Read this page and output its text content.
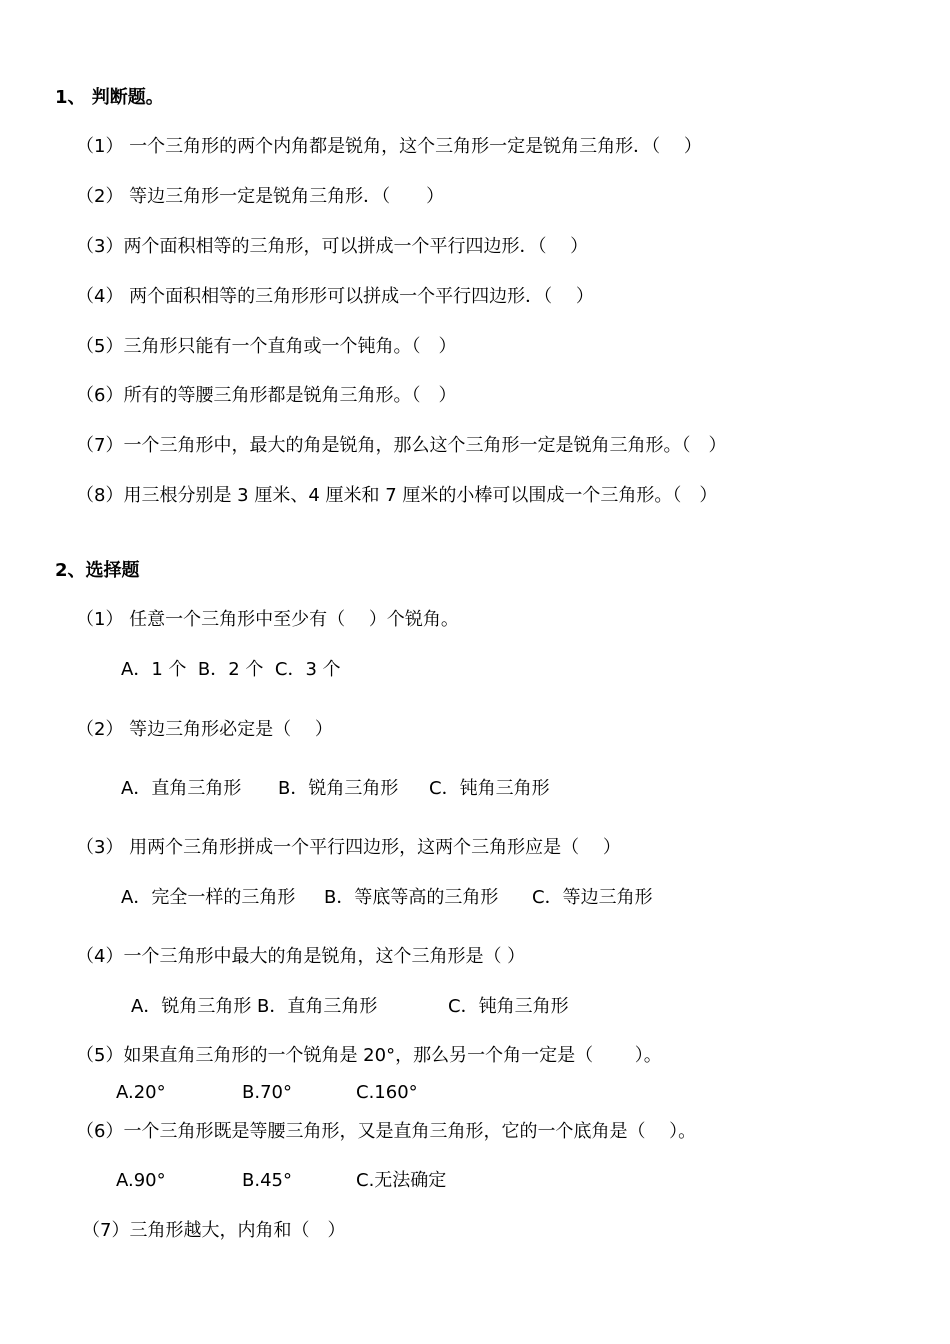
1、 判断题。
（1） 一个三角形的两个内角都是锐角，这个三角形一定是锐角三角形．（　 ）
（2） 等边三角形一定是锐角三角形．（　　）
（3）两个面积相等的三角形，可以拼成一个平行四边形．（　 ）
（4） 两个面积相等的三角形形可以拼成一个平行四边形．（　 ）
（5）三角形只能有一个直角或一个钝角。（　）
（6）所有的等腰三角形都是锐角三角形。（　）
（7）一个三角形中，最大的角是锐角，那么这个三角形一定是锐角三角形。（　）
（8）用三根分别是 3 厘米、4 厘米和 7 厘米的小棒可以围成一个三角形。（　）
2、选择题
（1） 任意一个三角形中至少有（　 ）个锐角。
A．1 个  B．2 个  C．3 个
（2） 等边三角形必定是（　 ）
A．直角三角形 B．锐角三角形 C．钝角三角形
（3） 用两个三角形拼成一个平行四边形，这两个三角形应是（　 ）
A．完全一样的三角形 B．等底等高的三角形 C．等边三角形
（4）一个三角形中最大的角是锐角，这个三角形是（ ）
A．锐角三角形 B．直角三角形	C．钝角三角形
（5）如果直角三角形的一个锐角是 20°，那么另一个角一定是（　　 ）。
A.20°	B.70°	C.160°
（6）一个三角形既是等腰三角形，又是直角三角形，它的一个底角是（　 ）。
A.90°	B.45°	C.无法确定
（7）三角形越大，内角和（　）
